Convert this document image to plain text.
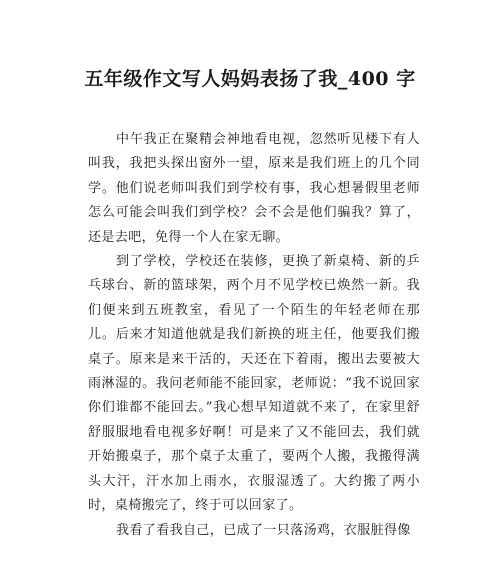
五年级作文写人妈妈表扬了我_400 字

中午我正在聚精会神地看电视，忽然听见楼下有人叫我，我把头探出窗外一望，原来是我们班上的几个同学。他们说老师叫我们到学校有事，我心想暑假里老师怎么可能会叫我们到学校？会不会是他们骗我？算了，还是去吧，免得一个人在家无聊。

到了学校，学校还在装修，更换了新桌椅、新的乒乓球台、新的篮球架，两个月不见学校已焕然一新。我们便来到五班教室，看见了一个陌生的年轻老师在那儿。后来才知道他就是我们新换的班主任，他要我们搬桌子。原来是来干活的，天还在下着雨，搬出去要被大雨淋湿的。我问老师能不能回家，老师说：“我不说回家你们谁都不能回去。”我心想早知道就不来了，在家里舒舒服服地看电视多好啊！可是来了又不能回去，我们就开始搬桌子，那个桌子太重了，要两个人搬，我搬得满头大汗，汗水加上雨水，衣服湿透了。大约搬了两小时，桌椅搬完了，终于可以回家了。

我看了看我自己，已成了一只落汤鸡，衣服脏得像
